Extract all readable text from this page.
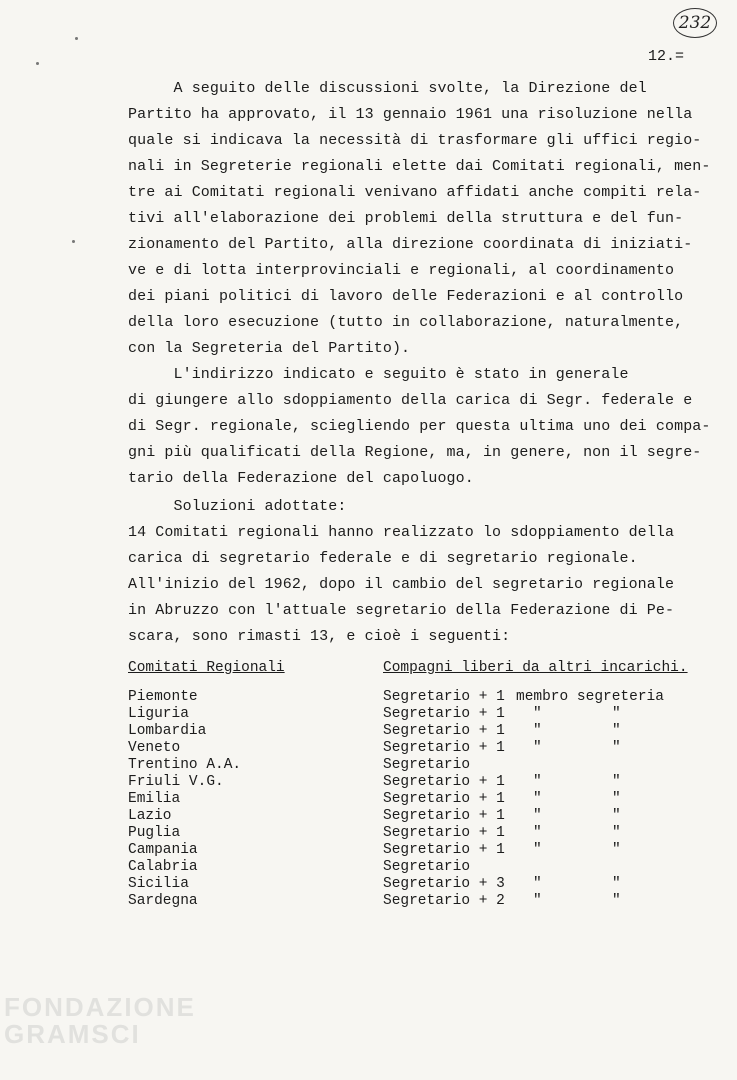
232
12.=
A seguito delle discussioni svolte, la Direzione del
Partito ha approvato, il 13 gennaio 1961 una risoluzione nella
quale si indicava la necessità di trasformare gli uffici regio-
nali in Segreterie regionali elette dai Comitati regionali, men-
tre ai Comitati regionali venivano affidati anche compiti rela-
tivi all'elaborazione dei problemi della struttura e del fun-
zionamento del Partito, alla direzione coordinata di iniziati-
ve e di lotta interprovinciali e regionali, al coordinamento
dei piani politici di lavoro delle Federazioni e al controllo
della loro esecuzione (tutto in collaborazione, naturalmente,
con la Segreteria del Partito).
L'indirizzo indicato e seguito è stato in generale
di giungere allo sdoppiamento della carica di Segr. federale e
di Segr. regionale, sciegliendo per questa ultima uno dei compa-
gni più qualificati della Regione, ma, in genere, non il segre-
tario della Federazione del capoluogo.
Soluzioni adottate:
14 Comitati regionali hanno realizzato lo sdoppiamento della
carica di segretario federale e di segretario regionale.
All'inizio del 1962, dopo il cambio del segretario regionale
in Abruzzo con l'attuale segretario della Federazione di Pe-
scara, sono rimasti 13, e cioè i seguenti:
Comitati Regionali	Compagni liberi da altri incarichi.
Piemonte	Segretario + 1 membro segreteria
Liguria	Segretario + 1 "	"
Lombardia	Segretario + 1 "	"
Veneto	Segretario + 1 "	"
Trentino A.A.	Segretario
Friuli V.G.	Segretario + 1 "	"
Emilia	Segretario + 1 "	"
Lazio	Segretario + 1 "	"
Puglia	Segretario + 1 "	"
Campania	Segretario + 1 "	"
Calabria	Segretario
Sicilia	Segretario + 3 "	"
Sardegna	Segretario + 2 "	"
FONDAZIONE
GRAMSCI
